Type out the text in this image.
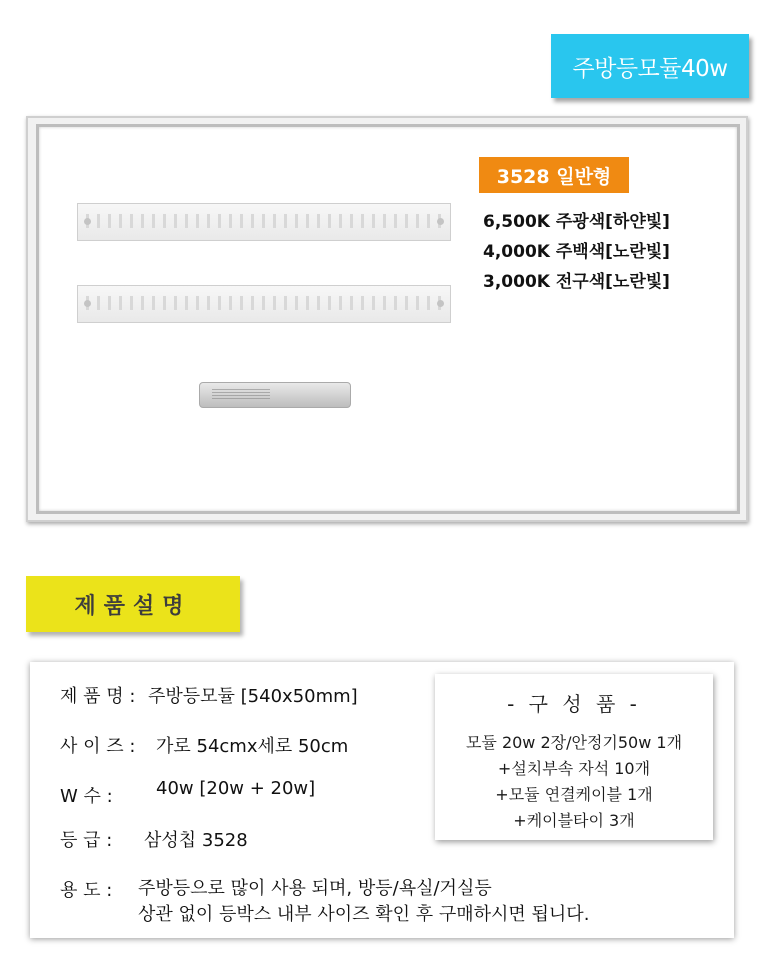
주방등모듈40w
3528 일반형
6,500K 주광색[하얀빛]
4,000K 주백색[노란빛]
3,000K 전구색[노란빛]
제품설명
제 품 명 : 주방등모듈 [540x50mm]
사 이 즈 : 가로 54cmx세로 50cm
W 수 : 40w [20w + 20w]
등 급 : 삼성칩 3528
용 도 : 주방등으로 많이 사용 되며, 방등/욕실/거실등
상관 없이 등박스 내부 사이즈 확인 후 구매하시면 됩니다.
- 구 성 품 -
모듈 20w 2장/안정기50w 1개
+설치부속 자석 10개
+모듈 연결케이블 1개
+케이블타이 3개
